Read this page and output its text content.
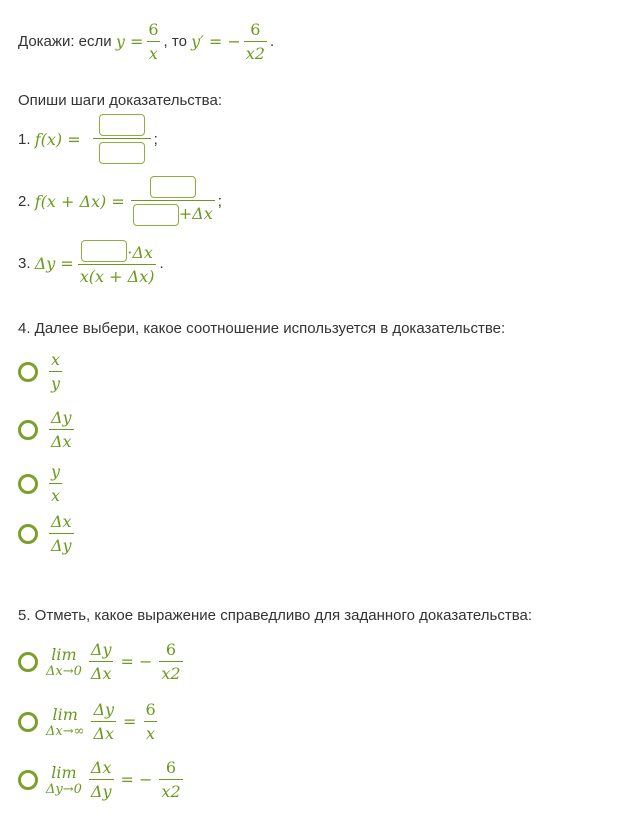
Докажи: если
$y = \frac{6}{x}$ , то
y′ = − $\frac{6}{x 2}$ .
Опиши шаги доказательства:
1.
f(x) =	;
2.
f(x + Δx) =
+Δx
;
3.
$\Delta y = \frac{\cdot\Delta x}{x(x + \Delta x)}$ .
4. Далее выбери, какое соотношение используется в доказательстве:
$\frac{x}{y}$
$\frac{\Delta y}{\Delta x}$
$\frac{y}{x}$
$\frac{\Delta x}{\Delta y}$
5. Отметь, какое выражение справедливо для заданного доказательства:
lim
$\Delta x\to 0 \frac{\Delta y}{\Delta x}$ = − $\frac{6}{x 2}$
lim
$\Delta x\to\infty \frac{\Delta y}{\Delta x} = \frac{6}{x}$
lim
$\Delta y\to 0 \frac{\Delta x}{\Delta y}$ = − $\frac{6}{x 2}$
